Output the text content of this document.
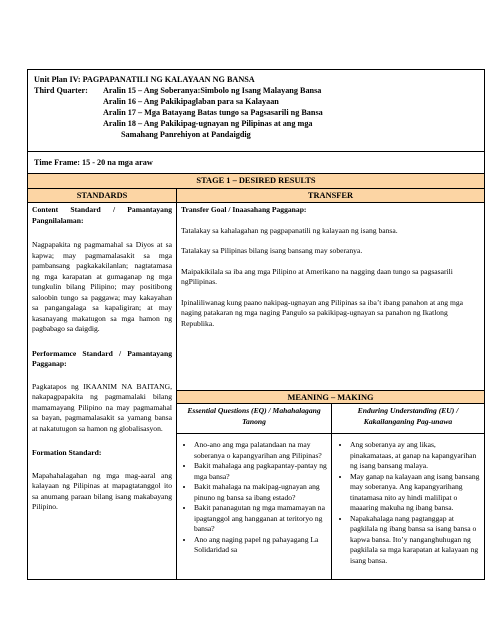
Unit Plan IV: PAGPAPANATILI NG KALAYAAN NG BANSA

Third Quarter:	Aralin 15 – Ang Soberanya:Simbolo ng Isang Malayang Bansa

Aralin 16 – Ang Pakikipaglaban para sa Kalayaan

Aralin 17 – Mga Batayang Batas tungo sa Pagsasarili ng Bansa

Aralin 18 – Ang Pakikipag-ugnayan ng Pilipinas at ang mga

Samahang Panrehiyon at Pandaigdig

Time Frame: 15 - 20 na mga araw
STAGE 1 – DESIRED RESULTS
STANDARDS	TRANSFER

Content Standard / Pamantayang Pangnilalaman:

Nagpapakita ng pagmamahal sa Diyos at sa kapwa; may pagmamalasakit sa mga pambansang pagkakakilanlan; nagtatamasa ng mga karapatan at gumaganap ng mga tungkulin bilang Pilipino; may positibong saloobin tungo sa paggawa; may kakayahan sa pangangalaga sa kapaligiran; at may kasanayang makatugon sa mga hamon ng pagbabago sa daigdig.

Performamce Standard / Pamantayang Pagganap:

Pagkatapos ng IKAANIM NA BAITANG, nakapagpapakita ng pagmamalaki bilang mamamayang Pilipino na may pagmamahal sa bayan, pagmamalasakit sa yamang bansa at nakatutugon sa hamon ng globalisasyon.

Formation Standard:

Mapahahalagahan ng mga mag-aaral ang kalayaan ng Pilipinas at mapagtatanggol ito sa anumang paraan bilang isang makabayang Pilipino.

Transfer Goal / Inaasahang Pagganap:

Tatalakay sa kahalagahan ng pagpapanatili ng kalayaan ng isang bansa.

Tatalakay sa Pilipinas bilang isang bansang may soberanya.

Maipakikilala sa iba ang mga Pilipino at Amerikano na nagging daan tungo sa pagsasarili ngPilipinas.

Ipinaliliwanag kung paano nakipag-ugnayan ang Pilipinas sa iba’t ibang panahon at ang mga naging patakaran ng mga naging Pangulo sa pakikipag-ugnayan sa panahon ng Ikatlong Republika.

MEANING – MAKING
Essential Questions (EQ) / Mahahalagang Tanong
Enduring Understanding (EU) / Kakailanganing Pag-unawa
• Ano-ano ang mga palatandaan na may soberanya o kapangyarihan ang Pilipinas?
• Bakit mahalaga ang pagkapantay-pantay ng mga bansa?
• Bakit mahalaga na makipag-ugnayan ang pinuno ng bansa sa ibang estado?
• Bakit pananagutan ng mga mamamayan na ipagtanggol ang hangganan at teritoryo ng bansa?
• Ano ang naging papel ng pahayagang La Solidaridad sa
• Ang soberanya ay ang likas, pinakamataas, at ganap na kapangyarihan ng isang bansang malaya.
• May ganap na kalayaan ang isang bansang may soberanya. Ang kapangyarihang tinatamasa nito ay hindi malilipat o maaaring makuha ng ibang bansa.
• Napakahalaga nang pagtanggap at pagkilala ng ibang bansa sa isang bansa o kapwa bansa. Ito’y nanganghuhugan ng pagkilala sa mga karapatan at kalayaan ng isang bansa.
